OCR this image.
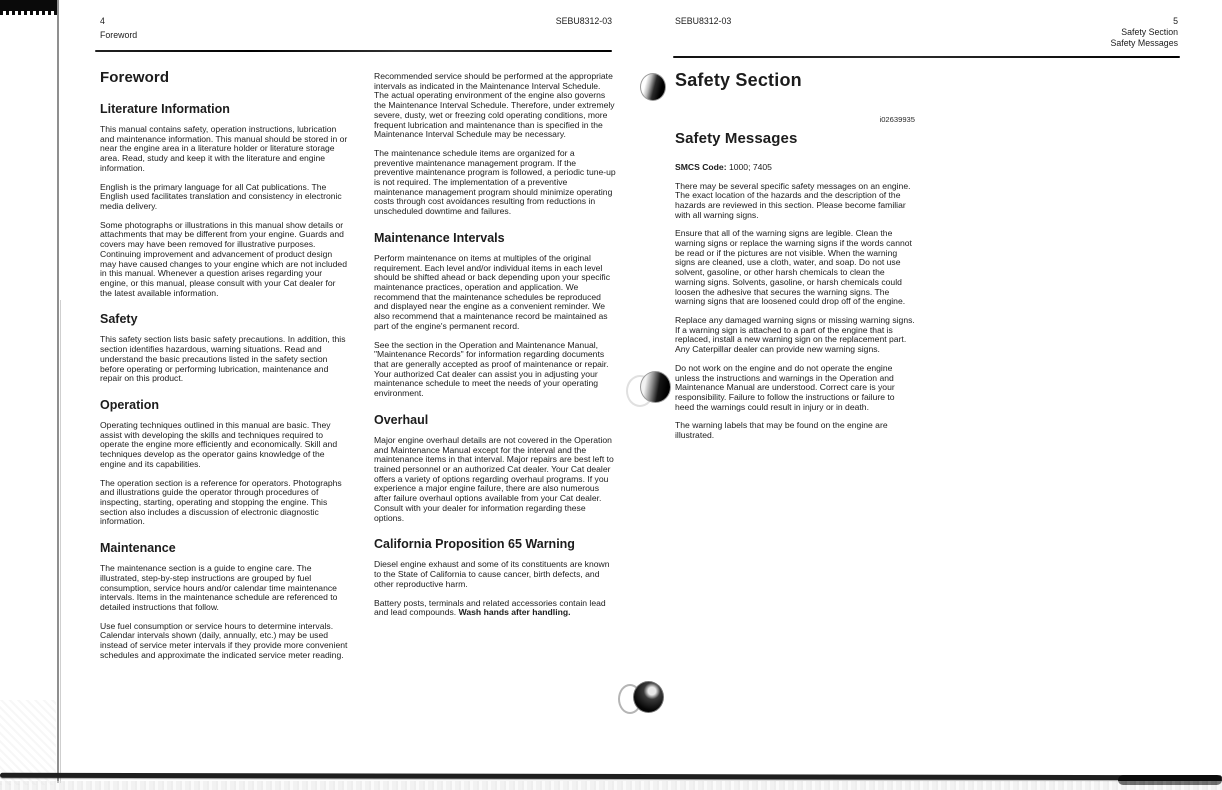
4
Foreword
SEBU8312-03	SEBU8312-03	5
Safety Section
Safety Messages
Foreword
Literature Information
This manual contains safety, operation instructions, lubrication and maintenance information. This manual should be stored in or near the engine area in a literature holder or literature storage area. Read, study and keep it with the literature and engine information.
English is the primary language for all Cat publications. The English used facilitates translation and consistency in electronic media delivery.
Some photographs or illustrations in this manual show details or attachments that may be different from your engine. Guards and covers may have been removed for illustrative purposes. Continuing improvement and advancement of product design may have caused changes to your engine which are not included in this manual. Whenever a question arises regarding your engine, or this manual, please consult with your Cat dealer for the latest available information.
Safety
This safety section lists basic safety precautions. In addition, this section identifies hazardous, warning situations. Read and understand the basic precautions listed in the safety section before operating or performing lubrication, maintenance and repair on this product.
Operation
Operating techniques outlined in this manual are basic. They assist with developing the skills and techniques required to operate the engine more efficiently and economically. Skill and techniques develop as the operator gains knowledge of the engine and its capabilities.
The operation section is a reference for operators. Photographs and illustrations guide the operator through procedures of inspecting, starting, operating and stopping the engine. This section also includes a discussion of electronic diagnostic information.
Maintenance
The maintenance section is a guide to engine care. The illustrated, step-by-step instructions are grouped by fuel consumption, service hours and/or calendar time maintenance intervals. Items in the maintenance schedule are referenced to detailed instructions that follow.
Use fuel consumption or service hours to determine intervals. Calendar intervals shown (daily, annually, etc.) may be used instead of service meter intervals if they provide more convenient schedules and approximate the indicated service meter reading.
Recommended service should be performed at the appropriate intervals as indicated in the Maintenance Interval Schedule. The actual operating environment of the engine also governs the Maintenance Interval Schedule. Therefore, under extremely severe, dusty, wet or freezing cold operating conditions, more frequent lubrication and maintenance than is specified in the Maintenance Interval Schedule may be necessary.
The maintenance schedule items are organized for a preventive maintenance management program. If the preventive maintenance program is followed, a periodic tune-up is not required. The implementation of a preventive maintenance management program should minimize operating costs through cost avoidances resulting from reductions in unscheduled downtime and failures.
Maintenance Intervals
Perform maintenance on items at multiples of the original requirement. Each level and/or individual items in each level should be shifted ahead or back depending upon your specific maintenance practices, operation and application. We recommend that the maintenance schedules be reproduced and displayed near the engine as a convenient reminder. We also recommend that a maintenance record be maintained as part of the engine's permanent record.
See the section in the Operation and Maintenance Manual, "Maintenance Records" for information regarding documents that are generally accepted as proof of maintenance or repair. Your authorized Cat dealer can assist you in adjusting your maintenance schedule to meet the needs of your operating environment.
Overhaul
Major engine overhaul details are not covered in the Operation and Maintenance Manual except for the interval and the maintenance items in that interval. Major repairs are best left to trained personnel or an authorized Cat dealer. Your Cat dealer offers a variety of options regarding overhaul programs. If you experience a major engine failure, there are also numerous after failure overhaul options available from your Cat dealer. Consult with your dealer for information regarding these options.
California Proposition 65 Warning
Diesel engine exhaust and some of its constituents are known to the State of California to cause cancer, birth defects, and other reproductive harm.
Battery posts, terminals and related accessories contain lead and lead compounds. Wash hands after handling.
Safety Section
i02639935
Safety Messages
SMCS Code: 1000; 7405
There may be several specific safety messages on an engine. The exact location of the hazards and the description of the hazards are reviewed in this section. Please become familiar with all warning signs.
Ensure that all of the warning signs are legible. Clean the warning signs or replace the warning signs if the words cannot be read or if the pictures are not visible. When the warning signs are cleaned, use a cloth, water, and soap. Do not use solvent, gasoline, or other harsh chemicals to clean the warning signs. Solvents, gasoline, or harsh chemicals could loosen the adhesive that secures the warning signs. The warning signs that are loosened could drop off of the engine.
Replace any damaged warning signs or missing warning signs. If a warning sign is attached to a part of the engine that is replaced, install a new warning sign on the replacement part. Any Caterpillar dealer can provide new warning signs.
Do not work on the engine and do not operate the engine unless the instructions and warnings in the Operation and Maintenance Manual are understood. Correct care is your responsibility. Failure to follow the instructions or failure to heed the warnings could result in injury or in death.
The warning labels that may be found on the engine are illustrated.
